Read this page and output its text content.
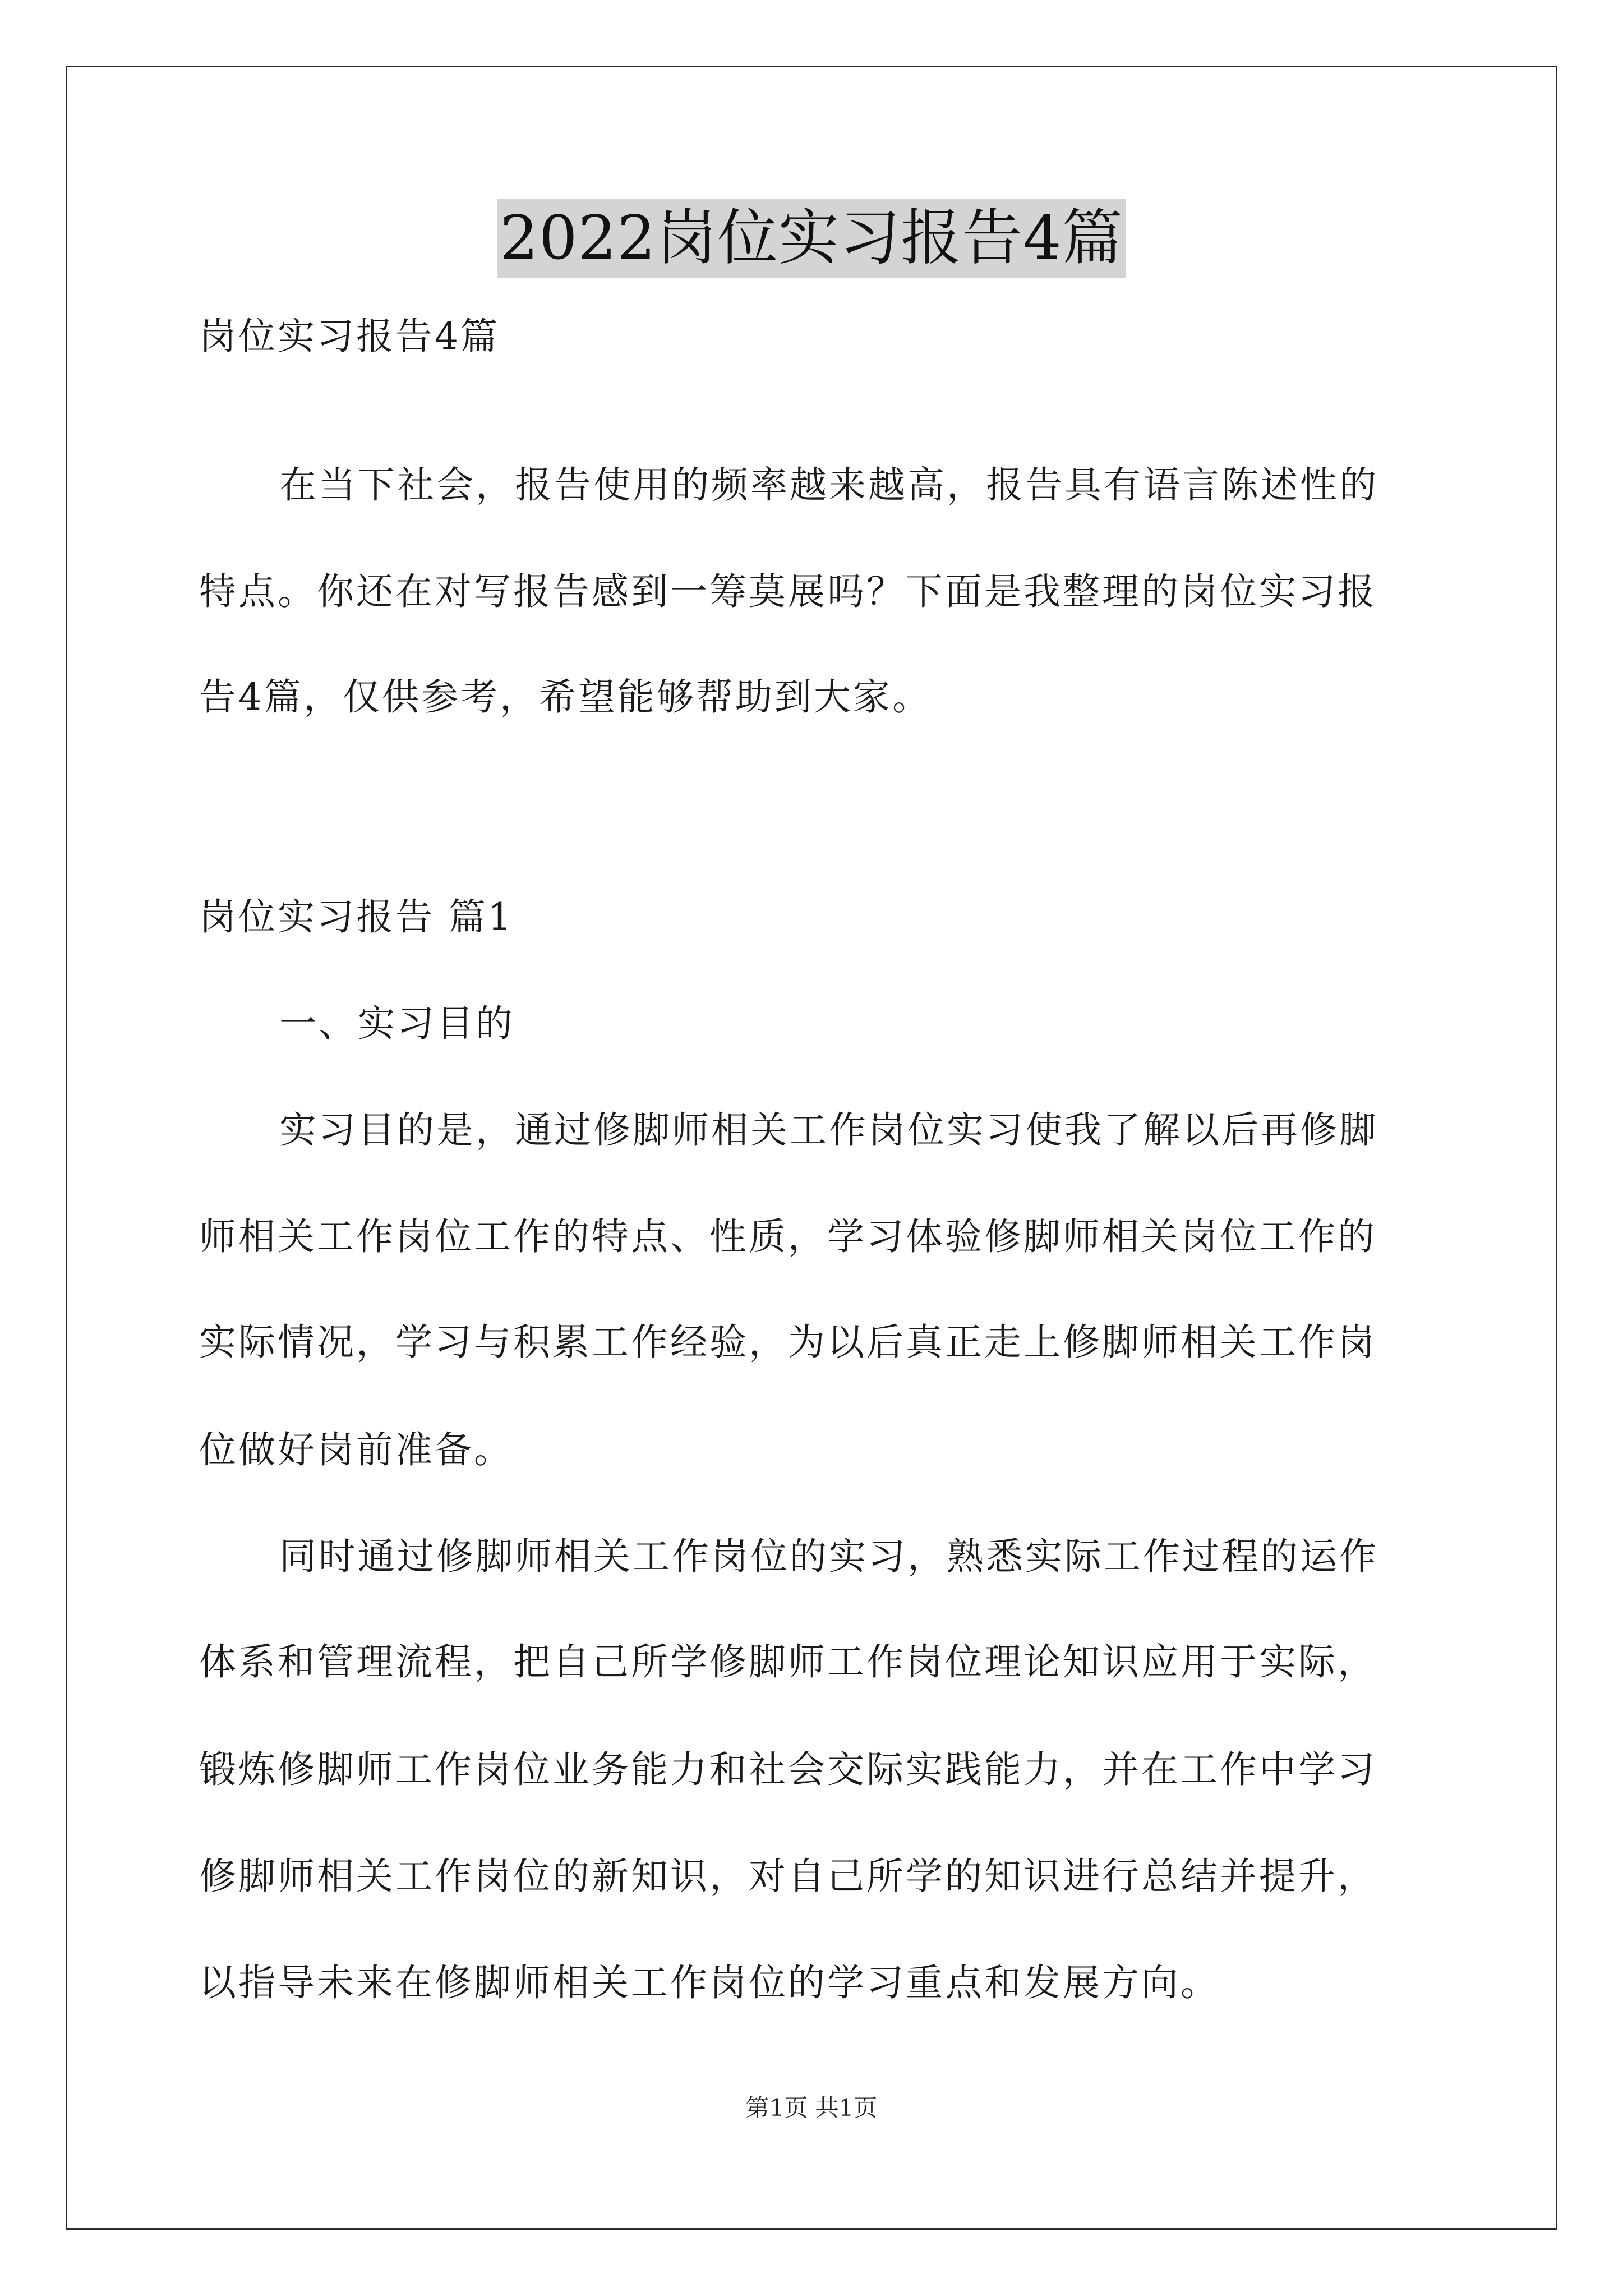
2022岗位实习报告4篇
岗位实习报告4篇
在当下社会，报告使用的频率越来越高，报告具有语言陈述性的
特点。你还在对写报告感到一筹莫展吗？下面是我整理的岗位实习报
告4篇，仅供参考，希望能够帮助到大家。
岗位实习报告 篇1
一、实习目的
实习目的是，通过修脚师相关工作岗位实习使我了解以后再修脚
师相关工作岗位工作的特点、性质，学习体验修脚师相关岗位工作的
实际情况，学习与积累工作经验，为以后真正走上修脚师相关工作岗
位做好岗前准备。
同时通过修脚师相关工作岗位的实习，熟悉实际工作过程的运作
体系和管理流程，把自己所学修脚师工作岗位理论知识应用于实际，
锻炼修脚师工作岗位业务能力和社会交际实践能力，并在工作中学习
修脚师相关工作岗位的新知识，对自己所学的知识进行总结并提升，
以指导未来在修脚师相关工作岗位的学习重点和发展方向。
第1页 共1页
